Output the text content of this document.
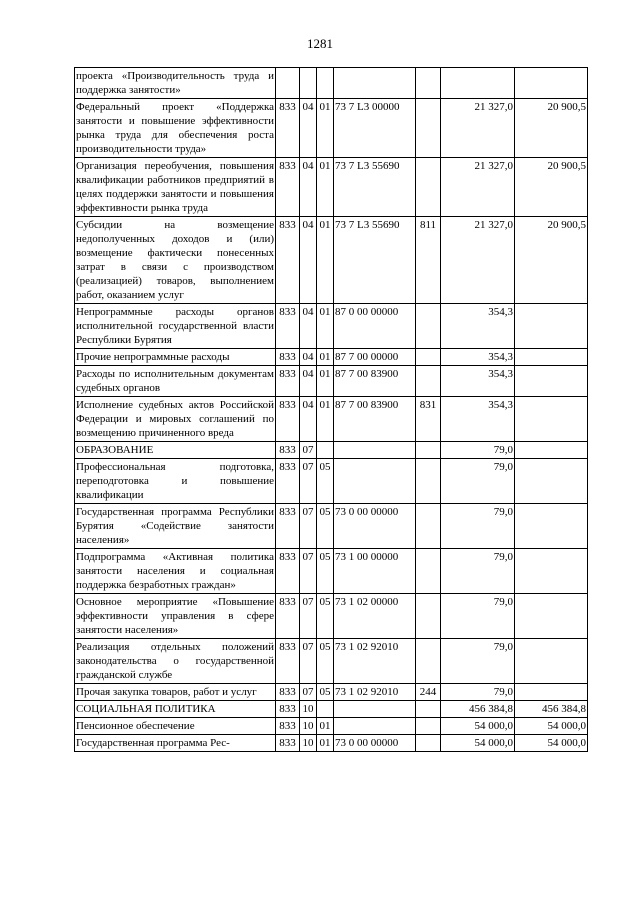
1281
проекта «Производительность труда и поддержка занятости»							
Федеральный проект «Поддержка занятости и повышение эффективности рынка труда для обеспечения роста производительности труда»	833	04	01	73 7 L3 00000		21 327,0	20 900,5
Организация переобучения, повышения квалификации работников предприятий в целях поддержки занятости и повышения эффективности рынка труда	833	04	01	73 7 L3 55690		21 327,0	20 900,5
Субсидии на возмещение недополученных доходов и (или) возмещение фактически понесенных затрат в связи с производством (реализацией) товаров, выполнением работ, оказанием услуг	833	04	01	73 7 L3 55690	811	21 327,0	20 900,5
Непрограммные расходы органов исполнительной государственной власти Республики Бурятия	833	04	01	87 0 00 00000		354,3	
Прочие непрограммные расходы	833	04	01	87 7 00 00000		354,3	
Расходы по исполнительным документам судебных органов	833	04	01	87 7 00 83900		354,3	
Исполнение судебных актов Российской Федерации и мировых соглашений по возмещению причиненного вреда	833	04	01	87 7 00 83900	831	354,3	
ОБРАЗОВАНИЕ	833	07				79,0	
Профессиональная подготовка, переподготовка и повышение квалификации	833	07	05			79,0	
Государственная программа Республики Бурятия «Содействие занятости населения»	833	07	05	73 0 00 00000		79,0	
Подпрограмма «Активная политика занятости населения и социальная поддержка безработных граждан»	833	07	05	73 1 00 00000		79,0	
Основное мероприятие «Повышение эффективности управления в сфере занятости населения»	833	07	05	73 1 02 00000		79,0	
Реализация отдельных положений законодательства о государственной гражданской службе	833	07	05	73 1 02 92010		79,0	
Прочая закупка товаров, работ и услуг	833	07	05	73 1 02 92010	244	79,0	
СОЦИАЛЬНАЯ ПОЛИТИКА	833	10				456 384,8	456 384,8
Пенсионное обеспечение	833	10	01			54 000,0	54 000,0
Государственная программа Рес-	833	10	01	73 0 00 00000		54 000,0	54 000,0
